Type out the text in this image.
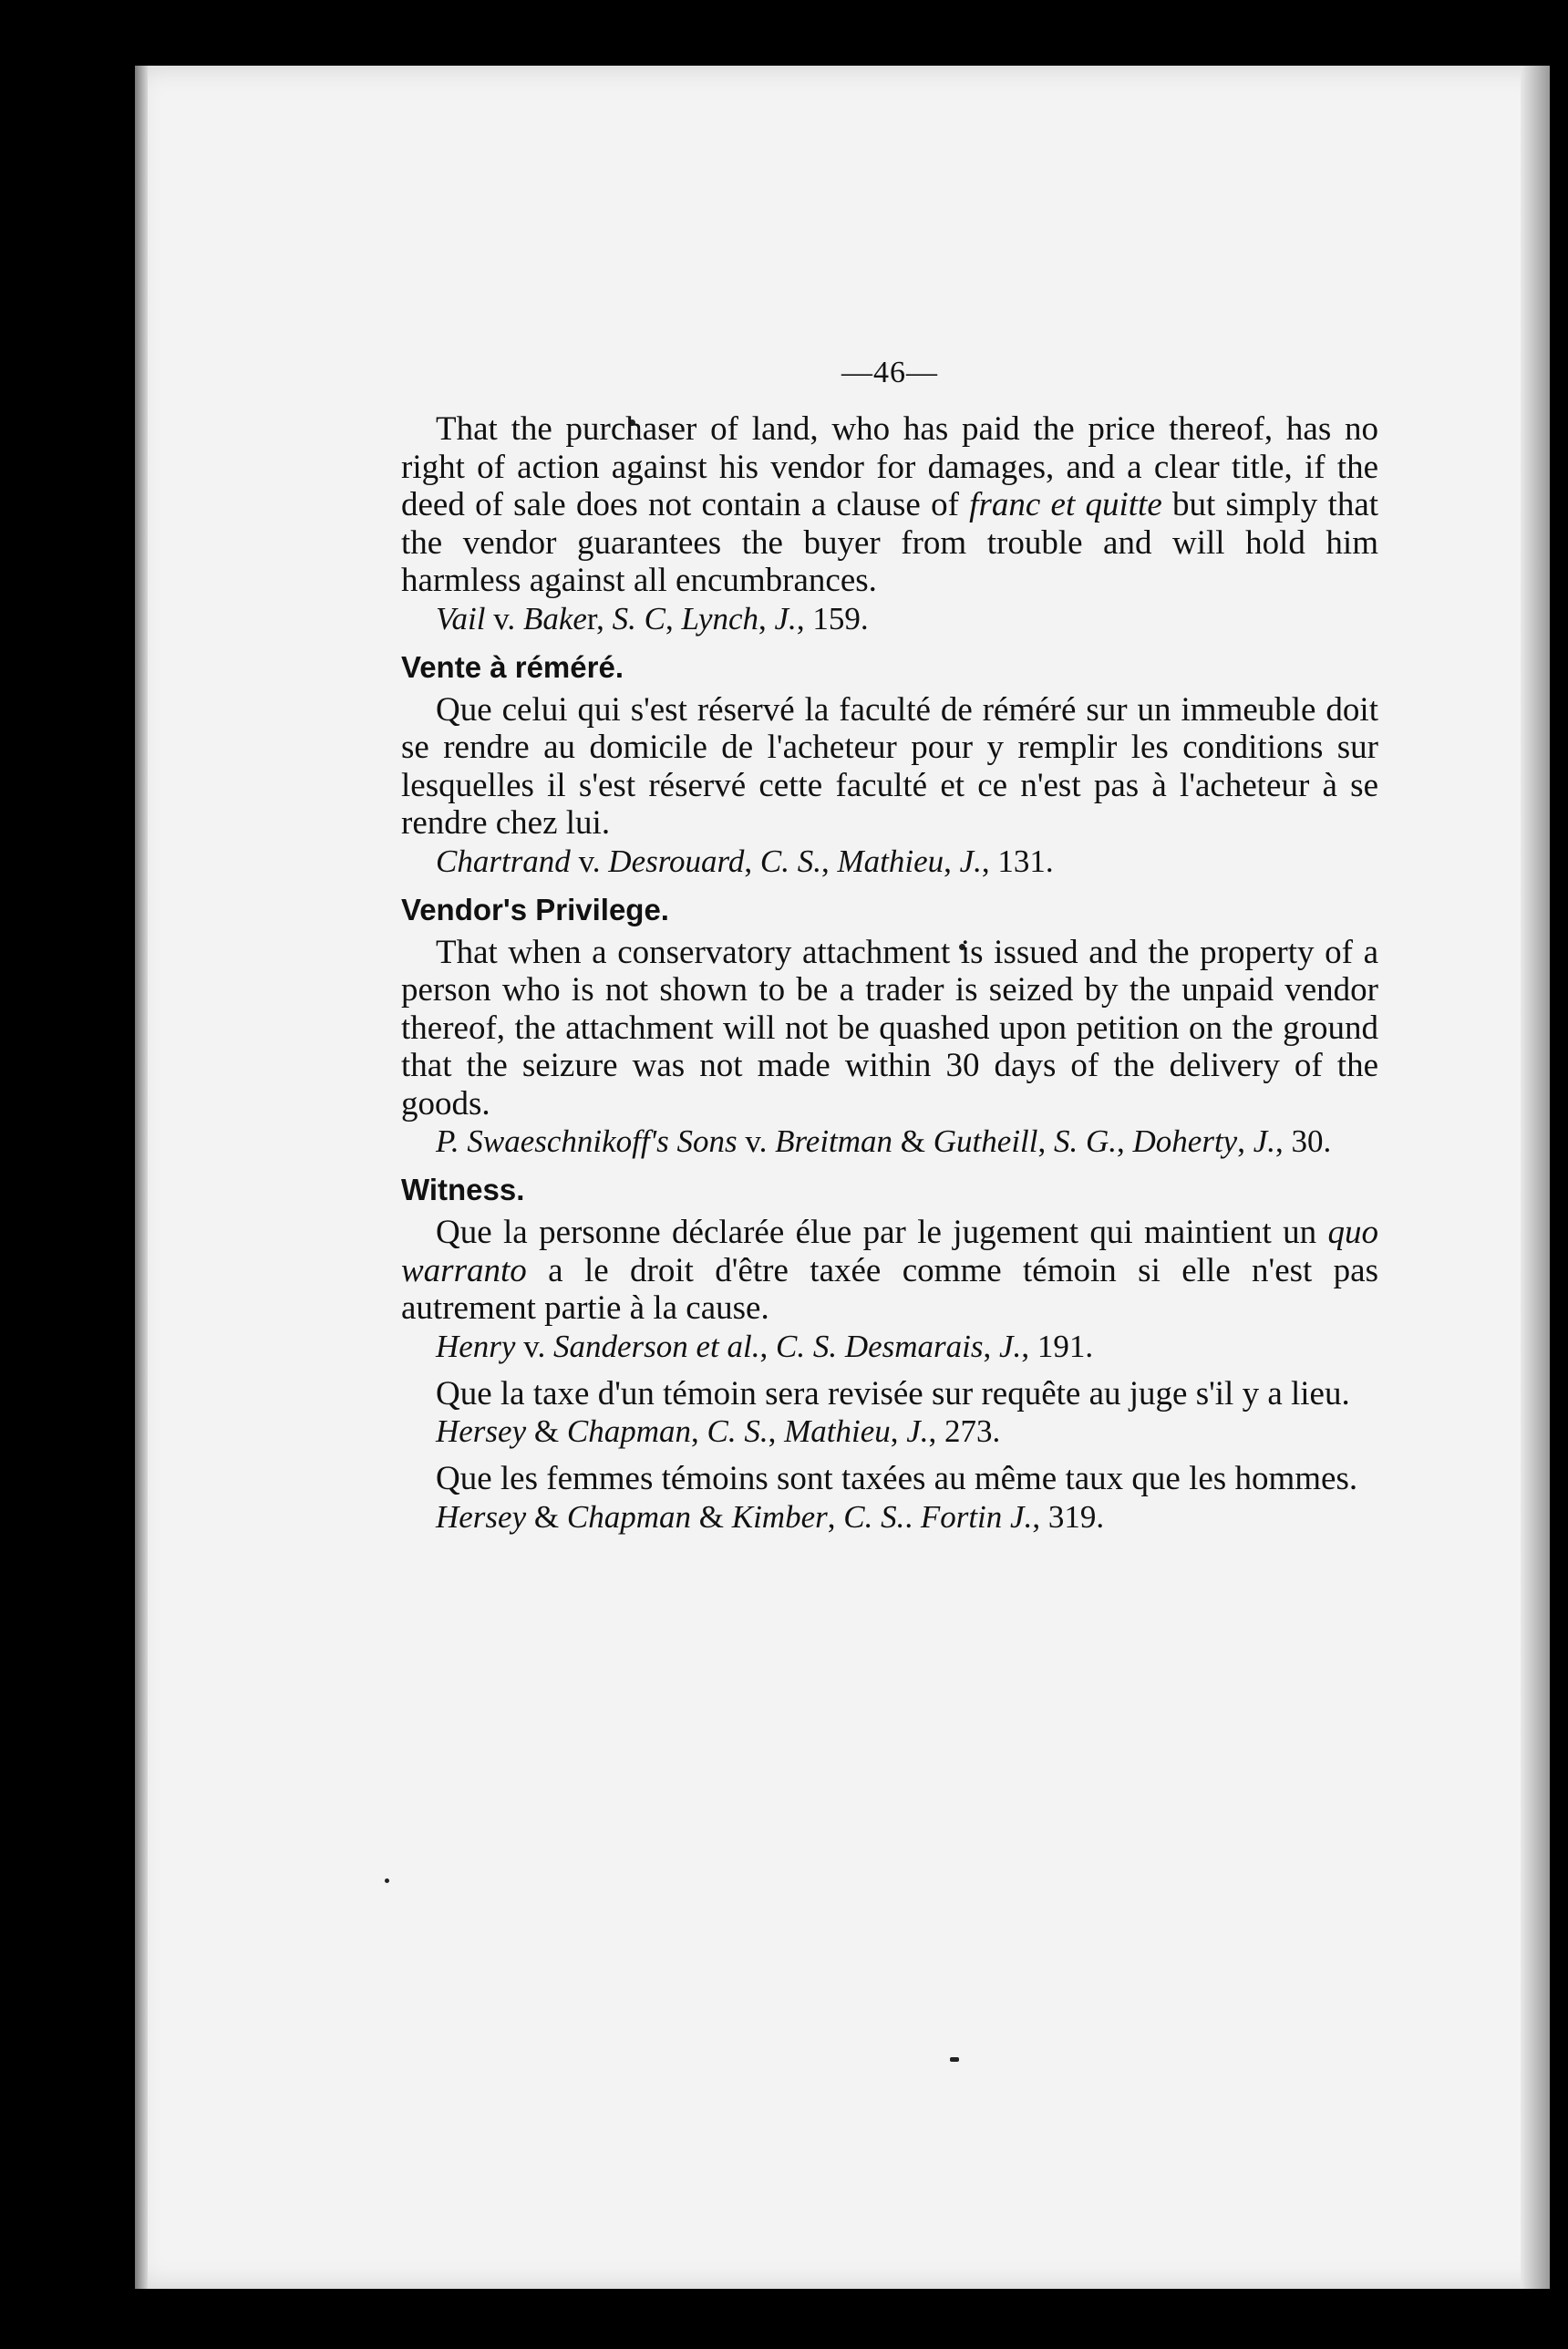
—46—

That the purchaser of land, who has paid the price thereof, has no right of action against his vendor for damages, and a clear title, if the deed of sale does not contain a clause of franc et quitte but simply that the vendor guarantees the buyer from trouble and will hold him harmless against all encumbrances.

Vail v. Baker, S. C, Lynch, J., 159.
Vente à réméré.

Que celui qui s'est réservé la faculté de réméré sur un immeuble doit se rendre au domicile de l'acheteur pour y remplir les conditions sur lesquelles il s'est réservé cette faculté et ce n'est pas à l'acheteur à se rendre chez lui.

Chartrand v. Desrouard, C. S., Mathieu, J., 131.
Vendor's Privilege.

That when a conservatory attachment is issued and the property of a person who is not shown to be a trader is seized by the unpaid vendor thereof, the attachment will not be quashed upon petition on the ground that the seizure was not made within 30 days of the delivery of the goods.

P. Swaeschnikoff's Sons v. Breitman & Gutheill, S. G., Doherty, J., 30.
Witness.

Que la personne déclarée élue par le jugement qui maintient un quo warranto a le droit d'être taxée comme témoin si elle n'est pas autrement partie à la cause.

Henry v. Sanderson et al., C. S. Desmarais, J., 191.

Que la taxe d'un témoin sera revisée sur requête au juge s'il y a lieu.

Hersey & Chapman, C. S., Mathieu, J., 273.

Que les femmes témoins sont taxées au même taux que les hommes.

Hersey & Chapman & Kimber, C. S.. Fortin J., 319.
